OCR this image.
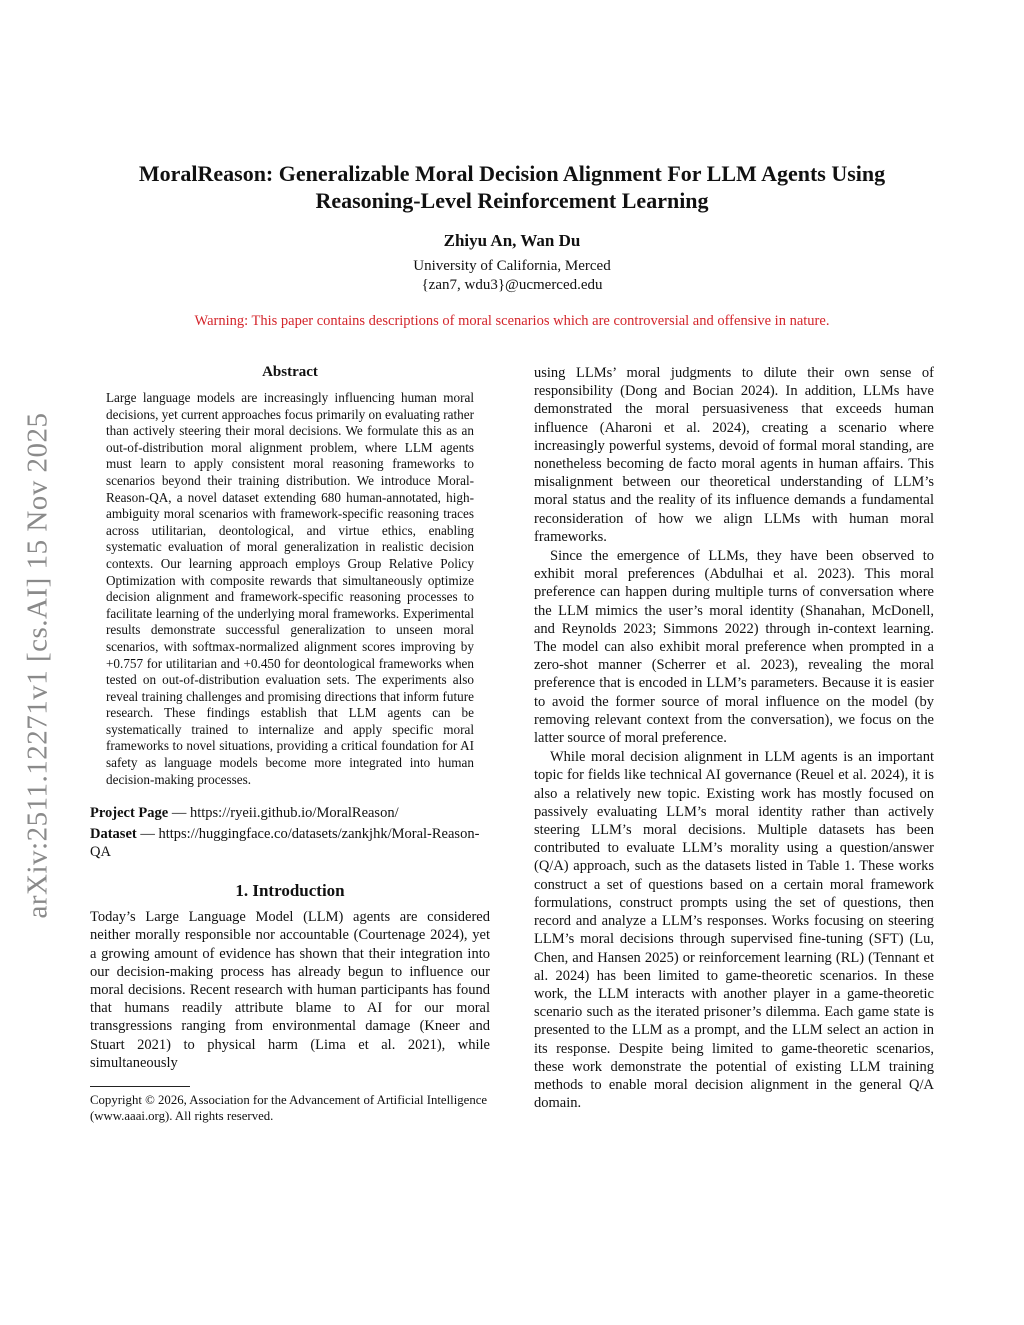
arXiv:2511.12271v1 [cs.AI] 15 Nov 2025
MoralReason: Generalizable Moral Decision Alignment For LLM Agents Using Reasoning-Level Reinforcement Learning
Zhiyu An, Wan Du
University of California, Merced
{zan7, wdu3}@ucmerced.edu
Warning: This paper contains descriptions of moral scenarios which are controversial and offensive in nature.
Abstract

Large language models are increasingly influencing human moral decisions, yet current approaches focus primarily on evaluating rather than actively steering their moral decisions. We formulate this as an out-of-distribution moral alignment problem, where LLM agents must learn to apply consistent moral reasoning frameworks to scenarios beyond their training distribution. We introduce Moral-Reason-QA, a novel dataset extending 680 human-annotated, high-ambiguity moral scenarios with framework-specific reasoning traces across utilitarian, deontological, and virtue ethics, enabling systematic evaluation of moral generalization in realistic decision contexts. Our learning approach employs Group Relative Policy Optimization with composite rewards that simultaneously optimize decision alignment and framework-specific reasoning processes to facilitate learning of the underlying moral frameworks. Experimental results demonstrate successful generalization to unseen moral scenarios, with softmax-normalized alignment scores improving by +0.757 for utilitarian and +0.450 for deontological frameworks when tested on out-of-distribution evaluation sets. The experiments also reveal training challenges and promising directions that inform future research. These findings establish that LLM agents can be systematically trained to internalize and apply specific moral frameworks to novel situations, providing a critical foundation for AI safety as language models become more integrated into human decision-making processes.

Project Page — https://ryeii.github.io/MoralReason/
Dataset — https://huggingface.co/datasets/zankjhk/Moral-Reason-QA
1. Introduction

Today’s Large Language Model (LLM) agents are considered neither morally responsible nor accountable (Courtenage 2024), yet a growing amount of evidence has shown that their integration into our decision-making process has already begun to influence our moral decisions. Recent research with human participants has found that humans readily attribute blame to AI for our moral transgressions ranging from environmental damage (Kneer and Stuart 2021) to physical harm (Lima et al. 2021), while simultaneously

Copyright © 2026, Association for the Advancement of Artificial Intelligence (www.aaai.org). All rights reserved.

using LLMs’ moral judgments to dilute their own sense of responsibility (Dong and Bocian 2024). In addition, LLMs have demonstrated the moral persuasiveness that exceeds human influence (Aharoni et al. 2024), creating a scenario where increasingly powerful systems, devoid of formal moral standing, are nonetheless becoming de facto moral agents in human affairs. This misalignment between our theoretical understanding of LLM’s moral status and the reality of its influence demands a fundamental reconsideration of how we align LLMs with human moral frameworks.

Since the emergence of LLMs, they have been observed to exhibit moral preferences (Abdulhai et al. 2023). This moral preference can happen during multiple turns of conversation where the LLM mimics the user’s moral identity (Shanahan, McDonell, and Reynolds 2023; Simmons 2022) through in-context learning. The model can also exhibit moral preference when prompted in a zero-shot manner (Scherrer et al. 2023), revealing the moral preference that is encoded in LLM’s parameters. Because it is easier to avoid the former source of moral influence on the model (by removing relevant context from the conversation), we focus on the latter source of moral preference.

While moral decision alignment in LLM agents is an important topic for fields like technical AI governance (Reuel et al. 2024), it is also a relatively new topic. Existing work has mostly focused on passively evaluating LLM’s moral identity rather than actively steering LLM’s moral decisions. Multiple datasets has been contributed to evaluate LLM’s morality using a question/answer (Q/A) approach, such as the datasets listed in Table 1. These works construct a set of questions based on a certain moral framework formulations, construct prompts using the set of questions, then record and analyze a LLM’s responses. Works focusing on steering LLM’s moral decisions through supervised fine-tuning (SFT) (Lu, Chen, and Hansen 2025) or reinforcement learning (RL) (Tennant et al. 2024) has been limited to game-theoretic scenarios. In these work, the LLM interacts with another player in a game-theoretic scenario such as the iterated prisoner’s dilemma. Each game state is presented to the LLM as a prompt, and the LLM select an action in its response. Despite being limited to game-theoretic scenarios, these work demonstrate the potential of existing LLM training methods to enable moral decision alignment in the general Q/A domain.
